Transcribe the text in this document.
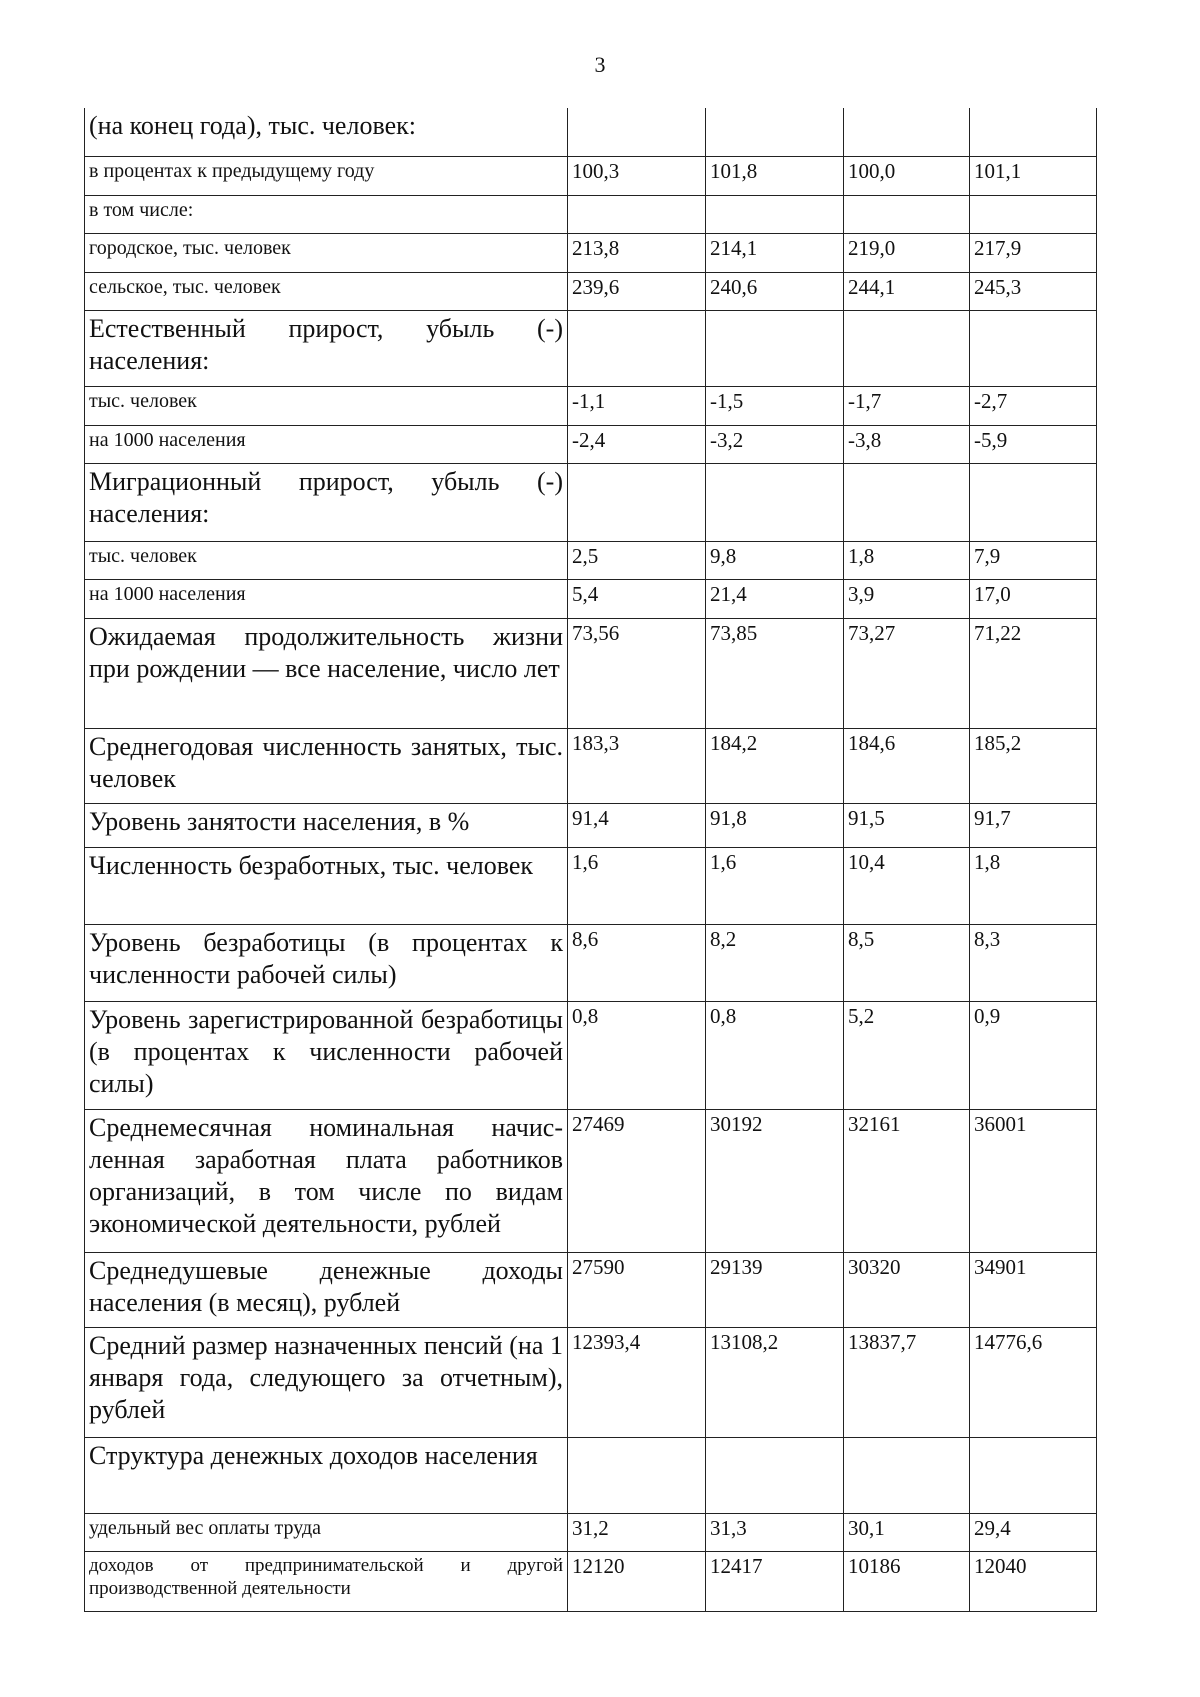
3
(на конец года), тыс. человек:				
в процентах к предыдущему году	100,3	101,8	100,0	101,1
в том числе:				
городское, тыс. человек	213,8	214,1	219,0	217,9
сельское, тыс. человек	239,6	240,6	244,1	245,3
Естественный прирост, убыль (-) населения:				
тыс. человек	-1,1	-1,5	-1,7	-2,7
на 1000 населения	-2,4	-3,2	-3,8	-5,9
Миграционный прирост, убыль (-) населения:				
тыс. человек	2,5	9,8	1,8	7,9
на 1000 населения	5,4	21,4	3,9	17,0
Ожидаемая продолжительность жизни при рождении — все население, число лет	73,56	73,85	73,27	71,22
Среднегодовая численность занятых, тыс. человек	183,3	184,2	184,6	185,2
Уровень занятости населения, в %	91,4	91,8	91,5	91,7
Численность безработных, тыс. человек	1,6	1,6	10,4	1,8
Уровень безработицы (в процентах к численности рабочей силы)	8,6	8,2	8,5	8,3
Уровень зарегистрированной безработицы (в процентах к численности рабочей силы)	0,8	0,8	5,2	0,9
Среднемесячная номинальная начисленная заработная плата работников организаций, в том числе по видам экономической деятельности, рублей	27469	30192	32161	36001
Среднедушевые денежные доходы населения (в месяц), рублей	27590	29139	30320	34901
Средний размер назначенных пенсий (на 1 января года, следующего за отчетным), рублей	12393,4	13108,2	13837,7	14776,6
Структура денежных доходов населения				
удельный вес оплаты труда	31,2	31,3	30,1	29,4
доходов от предпринимательской и другой производственной деятельности	12120	12417	10186	12040
